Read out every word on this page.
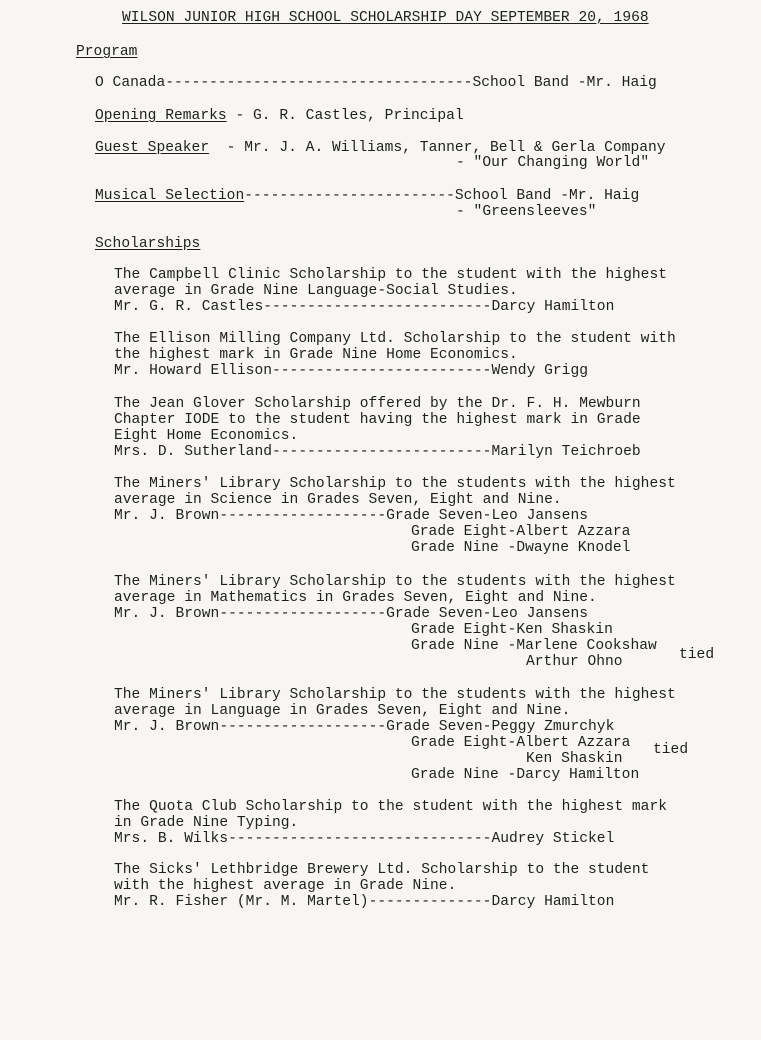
WILSON JUNIOR HIGH SCHOOL SCHOLARSHIP DAY SEPTEMBER 20, 1968

Program

O Canada-----------------------------------School Band -Mr. Haig

Opening Remarks - G. R. Castles, Principal

Guest Speaker  - Mr. J. A. Williams, Tanner, Bell & Gerla Company

- "Our Changing World"

Musical Selection------------------------School Band -Mr. Haig

- "Greensleeves"

Scholarships

The Campbell Clinic Scholarship to the student with the highest

average in Grade Nine Language-Social Studies.

Mr. G. R. Castles--------------------------Darcy Hamilton

The Ellison Milling Company Ltd. Scholarship to the student with

the highest mark in Grade Nine Home Economics.

Mr. Howard Ellison-------------------------Wendy Grigg

The Jean Glover Scholarship offered by the Dr. F. H. Mewburn

Chapter IODE to the student having the highest mark in Grade

Eight Home Economics.

Mrs. D. Sutherland-------------------------Marilyn Teichroeb

The Miners' Library Scholarship to the students with the highest

average in Science in Grades Seven, Eight and Nine.

Mr. J. Brown-------------------Grade Seven-Leo Jansens

Grade Eight-Albert Azzara

Grade Nine -Dwayne Knodel

The Miners' Library Scholarship to the students with the highest

average in Mathematics in Grades Seven, Eight and Nine.

Mr. J. Brown-------------------Grade Seven-Leo Jansens

Grade Eight-Ken Shaskin

Grade Nine -Marlene Cookshaw

tied

Arthur Ohno

The Miners' Library Scholarship to the students with the highest

average in Language in Grades Seven, Eight and Nine.

Mr. J. Brown-------------------Grade Seven-Peggy Zmurchyk

Grade Eight-Albert Azzara tied

Ken Shaskin

Grade Nine -Darcy Hamilton

The Quota Club Scholarship to the student with the highest mark

in Grade Nine Typing.

Mrs. B. Wilks------------------------------Audrey Stickel

The Sicks' Lethbridge Brewery Ltd. Scholarship to the student

with the highest average in Grade Nine.

Mr. R. Fisher (Mr. M. Martel)--------------Darcy Hamilton
